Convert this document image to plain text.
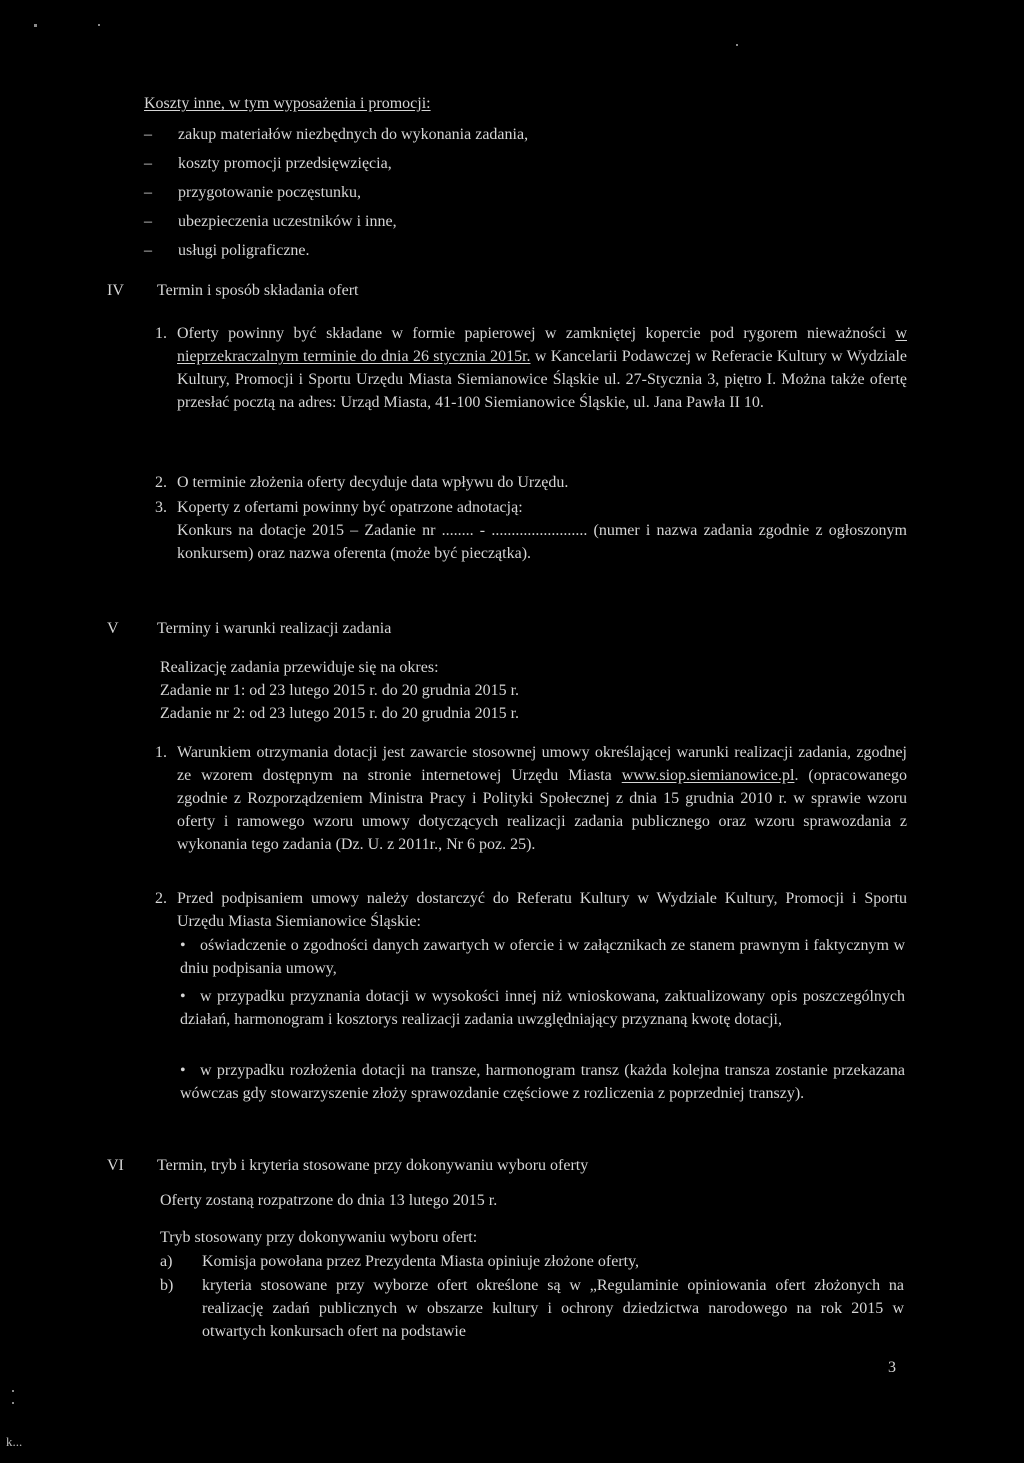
Koszty inne, w tym wyposażenia i promocji:
– zakup materiałów niezbędnych do wykonania zadania,
– koszty promocji przedsięwzięcia,
– przygotowanie poczęstunku,
– ubezpieczenia uczestników i inne,
– usługi poligraficzne.
IV	Termin i sposób składania ofert
1. Oferty powinny być składane w formie papierowej w zamkniętej kopercie pod rygorem nieważności w nieprzekraczalnym terminie do dnia 26 stycznia 2015r. w Kancelarii Podawczej w Referacie Kultury w Wydziale Kultury, Promocji i Sportu Urzędu Miasta Siemianowice Śląskie ul. 27-Stycznia 3, piętro I. Można także ofertę przesłać pocztą na adres: Urząd Miasta, 41-100 Siemianowice Śląskie, ul. Jana Pawła II 10.
2. O terminie złożenia oferty decyduje data wpływu do Urzędu.
3. Koperty z ofertami powinny być opatrzone adnotacją:
Konkurs na dotacje 2015 – Zadanie nr ........ - ........................ (numer i nazwa zadania zgodnie z ogłoszonym konkursem) oraz nazwa oferenta (może być pieczątka).
V	Terminy i warunki realizacji zadania
Realizację zadania przewiduje się na okres:
Zadanie nr 1: od 23 lutego 2015 r. do 20 grudnia 2015 r.
Zadanie nr 2: od 23 lutego 2015 r. do 20 grudnia 2015 r.
1. Warunkiem otrzymania dotacji jest zawarcie stosownej umowy określającej warunki realizacji zadania, zgodnej ze wzorem dostępnym na stronie internetowej Urzędu Miasta www.siop.siemianowice.pl. (opracowanego zgodnie z Rozporządzeniem Ministra Pracy i Polityki Społecznej z dnia 15 grudnia 2010 r. w sprawie wzoru oferty i ramowego wzoru umowy dotyczących realizacji zadania publicznego oraz wzoru sprawozdania z wykonania tego zadania (Dz. U. z 2011r., Nr 6 poz. 25).
2. Przed podpisaniem umowy należy dostarczyć do Referatu Kultury w Wydziale Kultury, Promocji i Sportu Urzędu Miasta Siemianowice Śląskie:
• oświadczenie o zgodności danych zawartych w ofercie i w załącznikach ze stanem prawnym i faktycznym w dniu podpisania umowy,
• w przypadku przyznania dotacji w wysokości innej niż wnioskowana, zaktualizowany opis poszczególnych działań, harmonogram i kosztorys realizacji zadania uwzględniający przyznaną kwotę dotacji,
• w przypadku rozłożenia dotacji na transze, harmonogram transz (każda kolejna transza zostanie przekazana wówczas gdy stowarzyszenie złoży sprawozdanie częściowe z rozliczenia z poprzedniej transzy).
VI	Termin, tryb i kryteria stosowane przy dokonywaniu wyboru oferty
Oferty zostaną rozpatrzone do dnia 13 lutego 2015 r.
Tryb stosowany przy dokonywaniu wyboru ofert:
a) Komisja powołana przez Prezydenta Miasta opiniuje złożone oferty,
b) kryteria stosowane przy wyborze ofert określone są w „Regulaminie opiniowania ofert złożonych na realizację zadań publicznych w obszarze kultury i ochrony dziedzictwa narodowego na rok 2015 w otwartych konkursach ofert na podstawie
3
k...
